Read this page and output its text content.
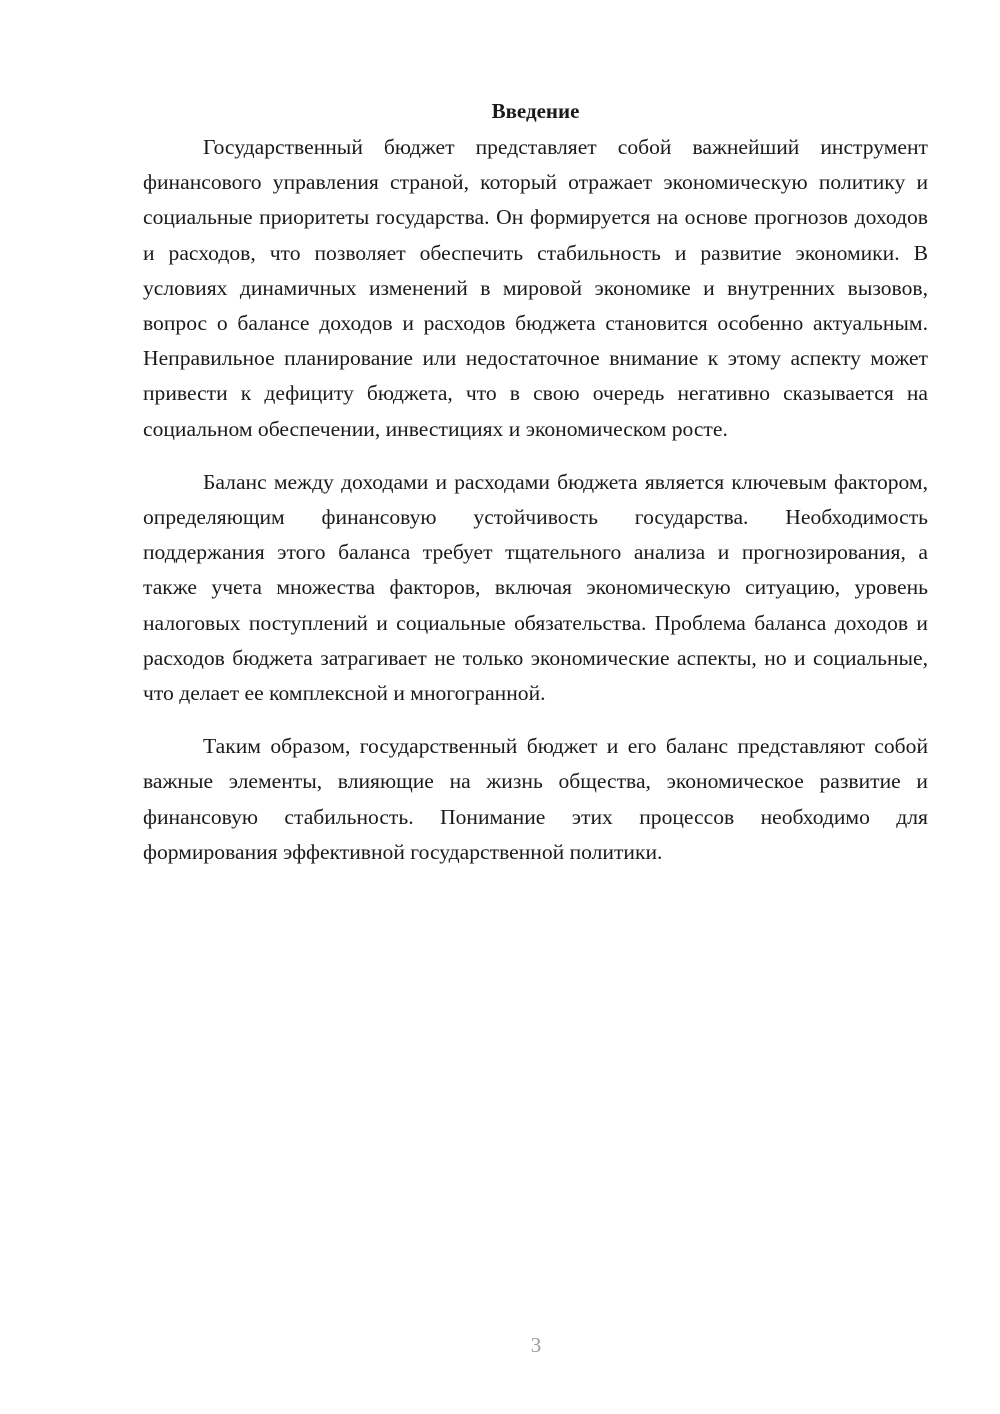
Введение

Государственный бюджет представляет собой важнейший инструмент финансового управления страной, который отражает экономическую политику и социальные приоритеты государства. Он формируется на основе прогнозов доходов и расходов, что позволяет обеспечить стабильность и развитие экономики. В условиях динамичных изменений в мировой экономике и внутренних вызовов, вопрос о балансе доходов и расходов бюджета становится особенно актуальным. Неправильное планирование или недостаточное внимание к этому аспекту может привести к дефициту бюджета, что в свою очередь негативно сказывается на социальном обеспечении, инвестициях и экономическом росте.

Баланс между доходами и расходами бюджета является ключевым фактором, определяющим финансовую устойчивость государства. Необходимость поддержания этого баланса требует тщательного анализа и прогнозирования, а также учета множества факторов, включая экономическую ситуацию, уровень налоговых поступлений и социальные обязательства. Проблема баланса доходов и расходов бюджета затрагивает не только экономические аспекты, но и социальные, что делает ее комплексной и многогранной.

Таким образом, государственный бюджет и его баланс представляют собой важные элементы, влияющие на жизнь общества, экономическое развитие и финансовую стабильность. Понимание этих процессов необходимо для формирования эффективной государственной политики.

3
